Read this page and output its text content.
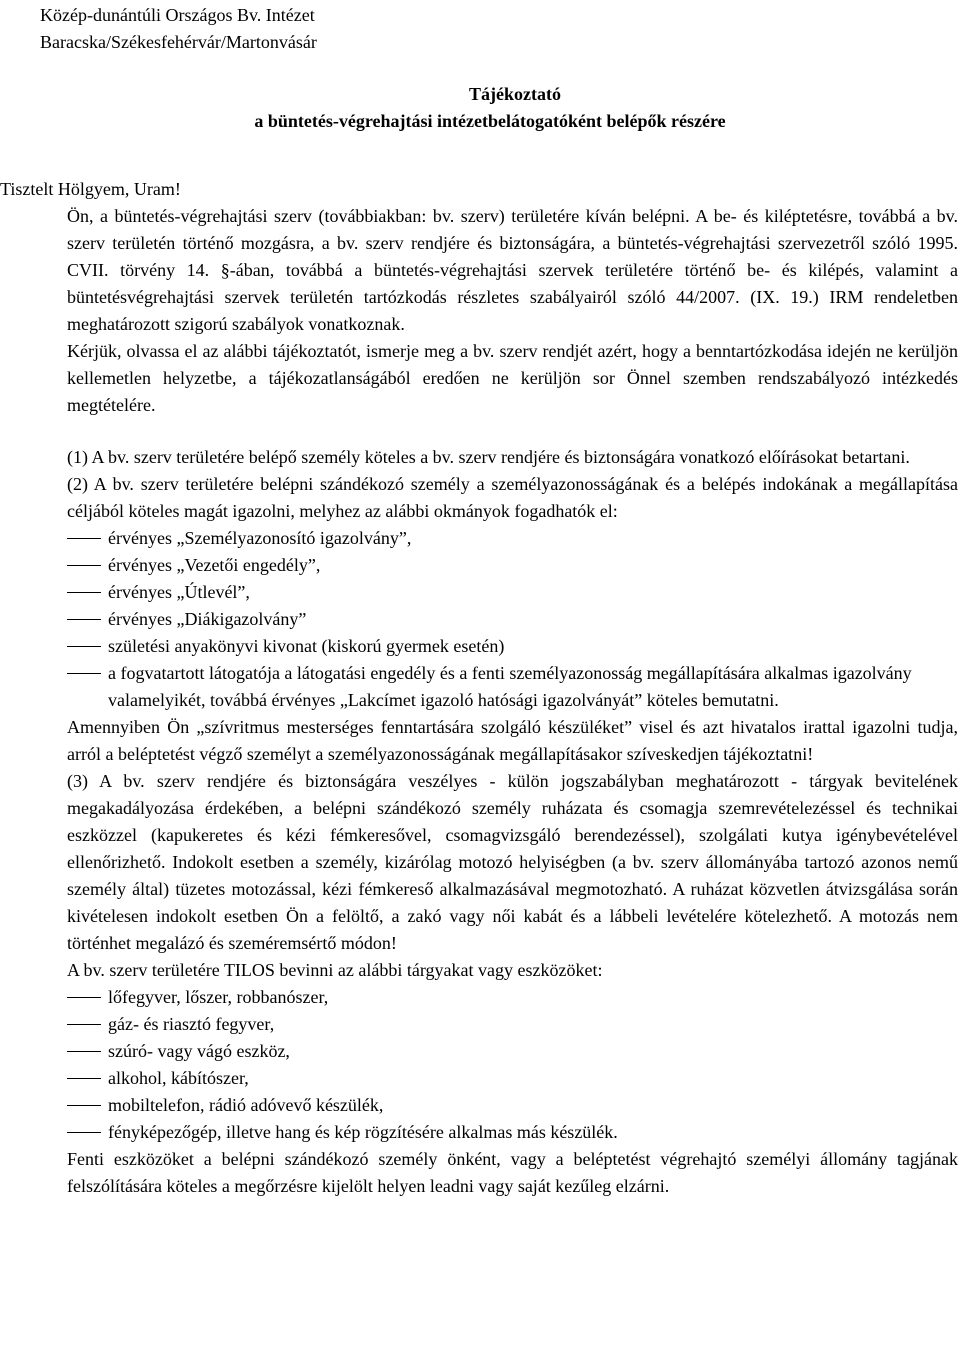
Közép-dunántúli Országos Bv. Intézet
Baracska/Székesfehérvár/Martonvásár
Tájékoztató
a büntetés-végrehajtási intézetbelátogatóként belépők részére

Tisztelt Hölgyem, Uram!

Ön, a büntetés-végrehajtási szerv (továbbiakban: bv. szerv) területére kíván belépni. A be- és kiléptetésre, továbbá a bv. szerv területén történő mozgásra, a bv. szerv rendjére és biztonságára, a büntetés-végrehajtási szervezetről szóló 1995. CVII. törvény 14. §-ában, továbbá a büntetés-végrehajtási szervek területére történő be- és kilépés, valamint a büntetésvégrehajtási szervek területén tartózkodás részletes szabályairól szóló 44/2007. (IX. 19.) IRM rendeletben meghatározott szigorú szabályok vonatkoznak.

Kérjük, olvassa el az alábbi tájékoztatót, ismerje meg a bv. szerv rendjét azért, hogy a benntartózkodása idején ne kerüljön kellemetlen helyzetbe, a tájékozatlanságából eredően ne kerüljön sor Önnel szemben rendszabályozó intézkedés megtételére.

(1) A bv. szerv területére belépő személy köteles a bv. szerv rendjére és biztonságára vonatkozó előírásokat betartani.

(2) A bv. szerv területére belépni szándékozó személy a személyazonosságának és a belépés indokának a megállapítása céljából köteles magát igazolni, melyhez az alábbi okmányok fogadhatók el:

érvényes „Személyazonosító igazolvány”,
érvényes „Vezetői engedély”,
érvényes „Útlevél”,
érvényes „Diákigazolvány”
születési anyakönyvi kivonat (kiskorú gyermek esetén)
a fogvatartott látogatója a látogatási engedély és a fenti személyazonosság megállapítására alkalmas igazolvány valamelyikét, továbbá érvényes „Lakcímet igazoló hatósági igazolványát” köteles bemutatni.

Amennyiben Ön „szívritmus mesterséges fenntartására szolgáló készüléket” visel és azt hivatalos irattal igazolni tudja, arról a beléptetést végző személyt a személyazonosságának megállapításakor szíveskedjen tájékoztatni!

(3) A bv. szerv rendjére és biztonságára veszélyes - külön jogszabályban meghatározott - tárgyak bevitelének megakadályozása érdekében, a belépni szándékozó személy ruházata és csomagja szemrevételezéssel és technikai eszközzel (kapukeretes és kézi fémkeresővel, csomagvizsgáló berendezéssel), szolgálati kutya igénybevételével ellenőrizhető. Indokolt esetben a személy, kizárólag motozó helyiségben (a bv. szerv állományába tartozó azonos nemű személy által) tüzetes motozással, kézi fémkereső alkalmazásával megmotozható. A ruházat közvetlen átvizsgálása során kivételesen indokolt esetben Ön a felöltő, a zakó vagy női kabát és a lábbeli levételére kötelezhető. A motozás nem történhet megalázó és szeméremsértő módon!

A bv. szerv területére TILOS bevinni az alábbi tárgyakat vagy eszközöket:

lőfegyver, lőszer, robbanószer,
gáz- és riasztó fegyver,
szúró- vagy vágó eszköz,
alkohol, kábítószer,
mobiltelefon, rádió adóvevő készülék,
fényképezőgép, illetve hang és kép rögzítésére alkalmas más készülék.

Fenti eszközöket a belépni szándékozó személy önként, vagy a beléptetést végrehajtó személyi állomány tagjának felszólítására köteles a megőrzésre kijelölt helyen leadni vagy saját kezűleg elzárni.
